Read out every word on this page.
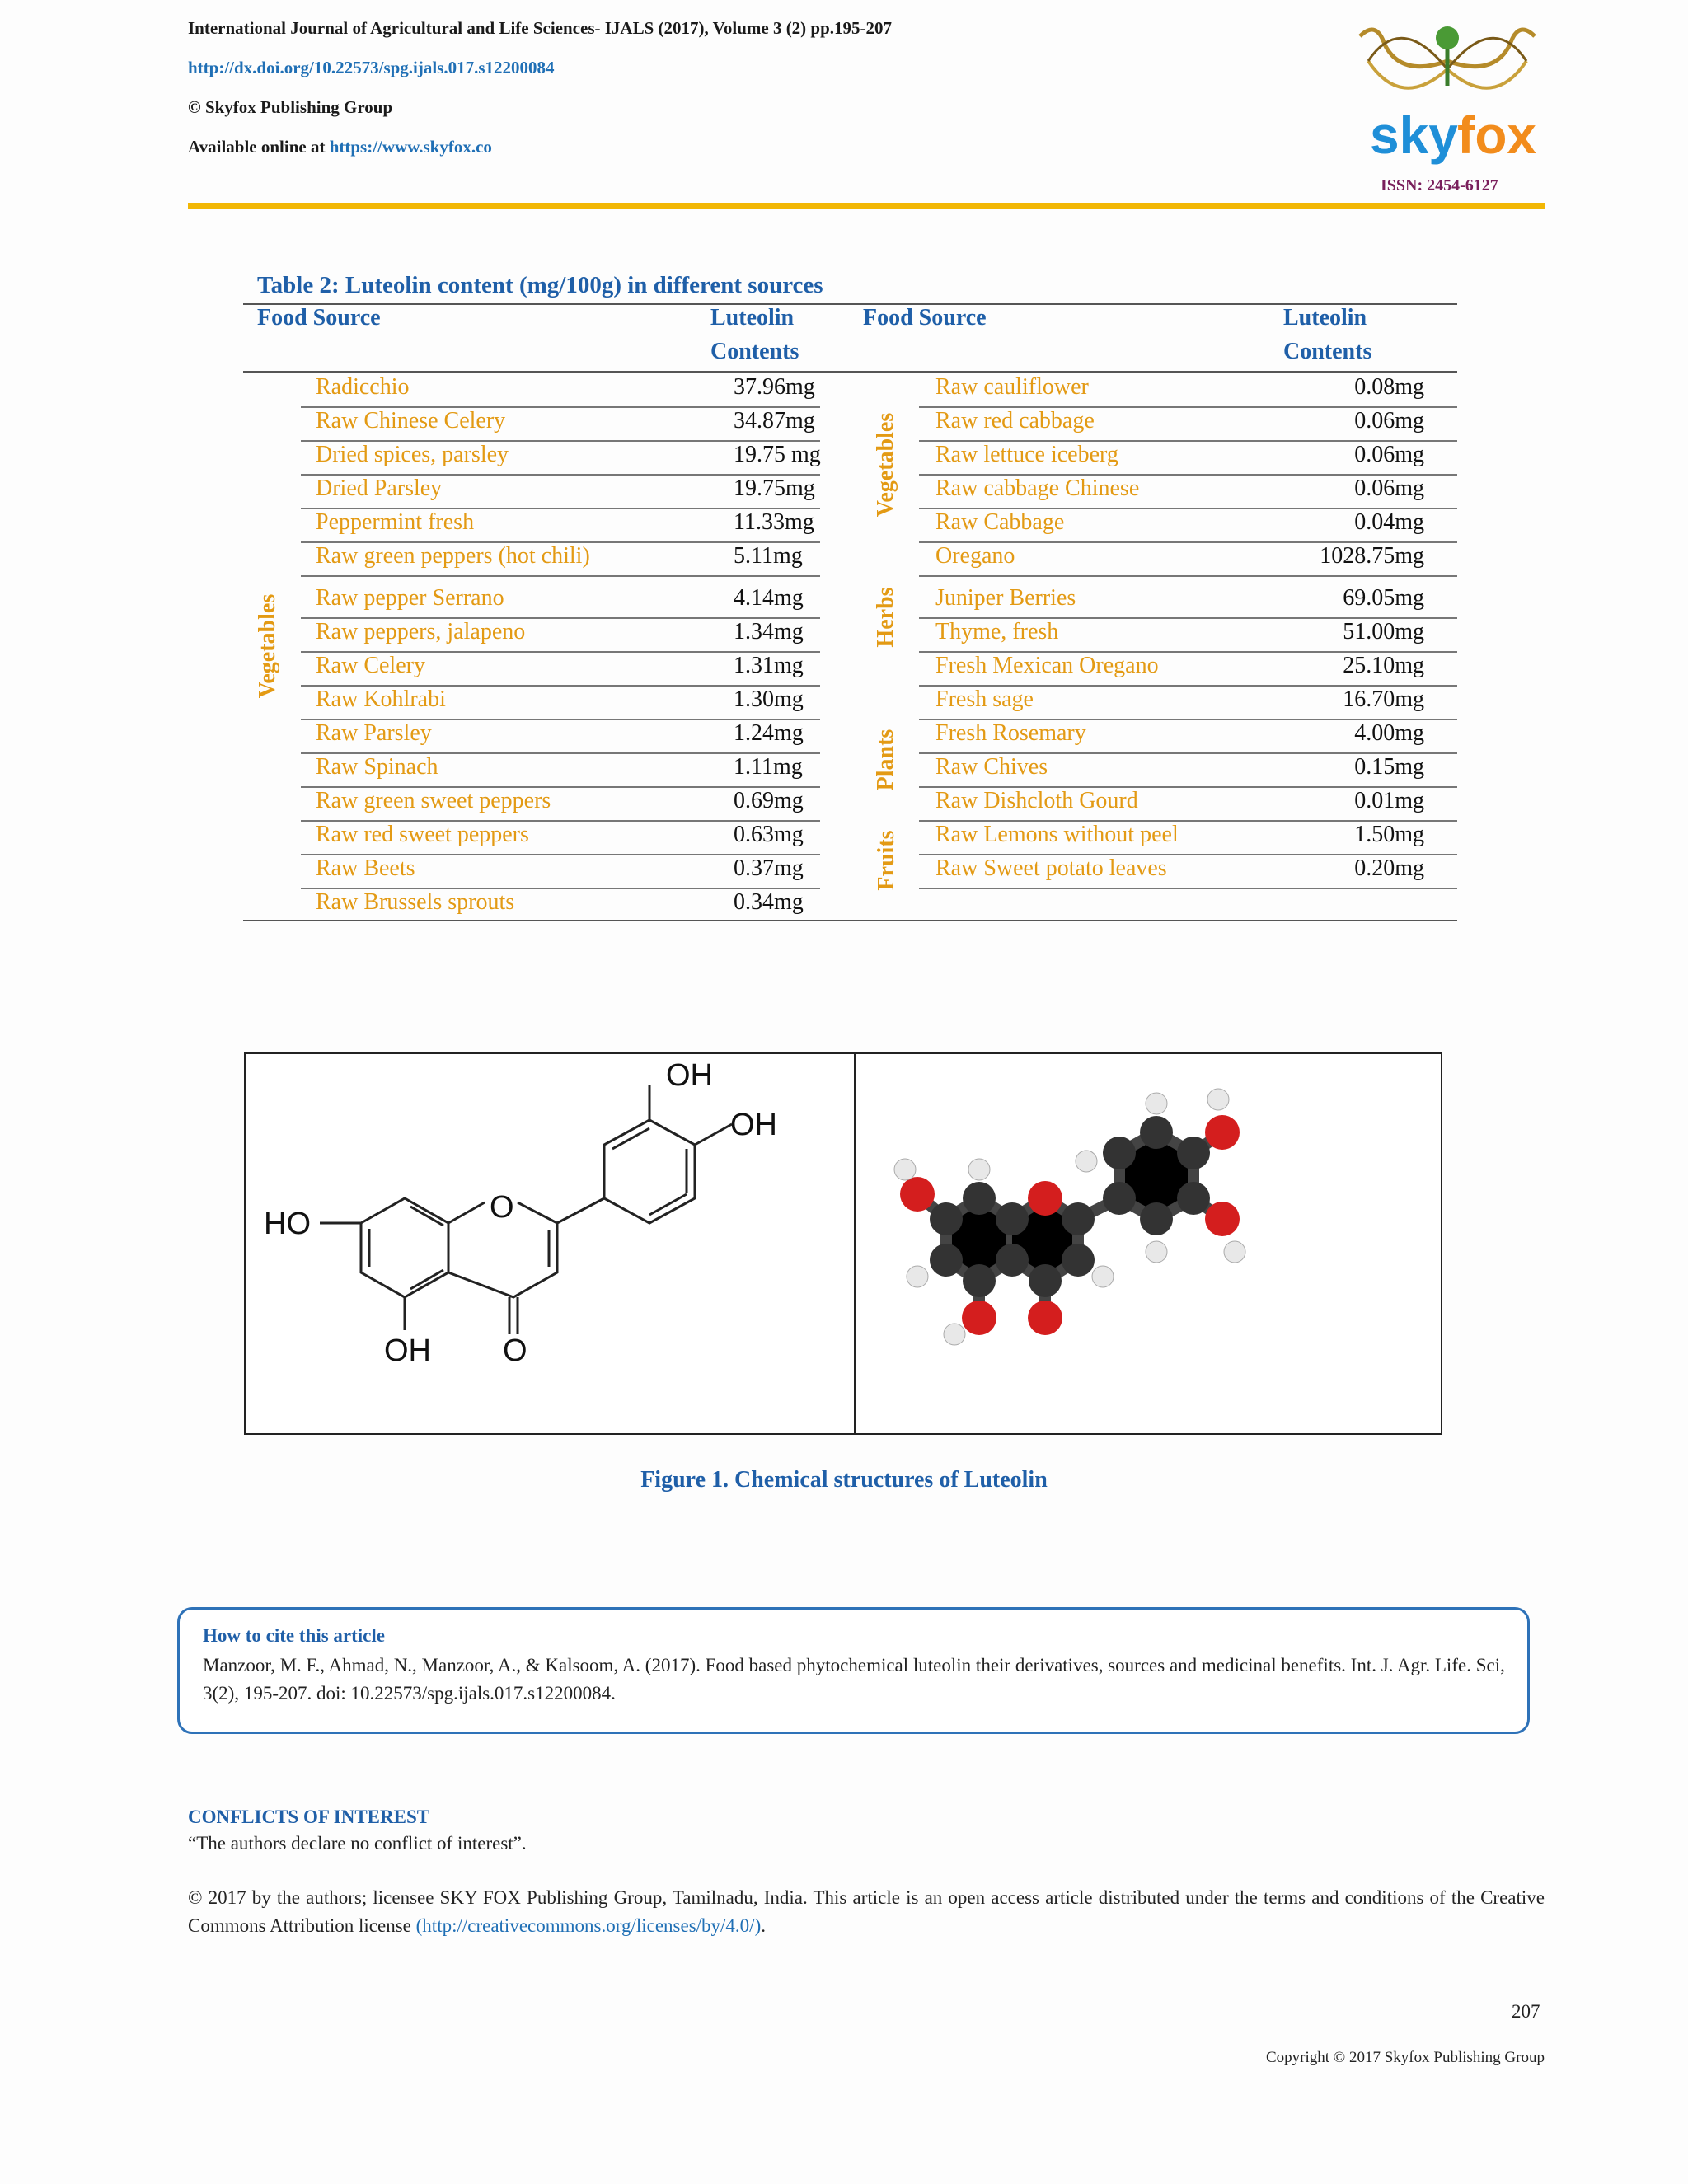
International Journal of Agricultural and Life Sciences- IJALS (2017), Volume 3 (2) pp.195-207
http://dx.doi.org/10.22573/spg.ijals.017.s12200084
© Skyfox Publishing Group
Available online at https://www.skyfox.co	sky fox
ISSN: 2454-6127
Table 2: Luteolin content (mg/100g) in different sources
Food Source	Luteolin
Contents
Food Source	Luteolin
Contents
Vegetables
Vegetables
Herbs
Plants
Fruits
Radicchio	37.96mg
Raw Chinese Celery	34.87mg
Dried spices, parsley	19.75 mg
Dried Parsley	19.75mg
Peppermint fresh	11.33mg
Raw green peppers (hot chili)	5.11mg
Raw pepper Serrano	4.14mg
Raw peppers, jalapeno	1.34mg
Raw Celery	1.31mg
Raw Kohlrabi	1.30mg
Raw Parsley	1.24mg
Raw Spinach	1.11mg
Raw green sweet peppers	0.69mg
Raw red sweet peppers	0.63mg
Raw Beets	0.37mg
Raw Brussels sprouts	0.34mg
Raw cauliflower	0.08mg
Raw red cabbage	0.06mg
Raw lettuce iceberg	0.06mg
Raw cabbage Chinese	0.06mg
Raw Cabbage	0.04mg
Oregano	1028.75mg
Juniper Berries	69.05mg
Thyme, fresh	51.00mg
Fresh Mexican Oregano	25.10mg
Fresh sage	16.70mg
Fresh Rosemary	4.00mg
Raw Chives	0.15mg
Raw Dishcloth Gourd	0.01mg
Raw Lemons without peel	1.50mg
Raw Sweet potato leaves	0.20mg
OH
OH
HO	O
OH O
Figure 1. Chemical structures of Luteolin
How to cite this article
Manzoor, M. F., Ahmad, N., Manzoor, A., & Kalsoom, A. (2017). Food based phytochemical luteolin their derivatives, sources and medicinal benefits. Int. J. Agr. Life. Sci, 3(2), 195-207. doi: 10.22573/spg.ijals.017.s12200084.
CONFLICTS OF INTEREST
“The authors declare no conflict of interest”.
© 2017 by the authors; licensee SKY FOX Publishing Group, Tamilnadu, India. This article is an open access article distributed under the terms and conditions of the Creative Commons Attribution license (http://creativecommons.org/licenses/by/4.0/).
207
Copyright © 2017 Skyfox Publishing Group
